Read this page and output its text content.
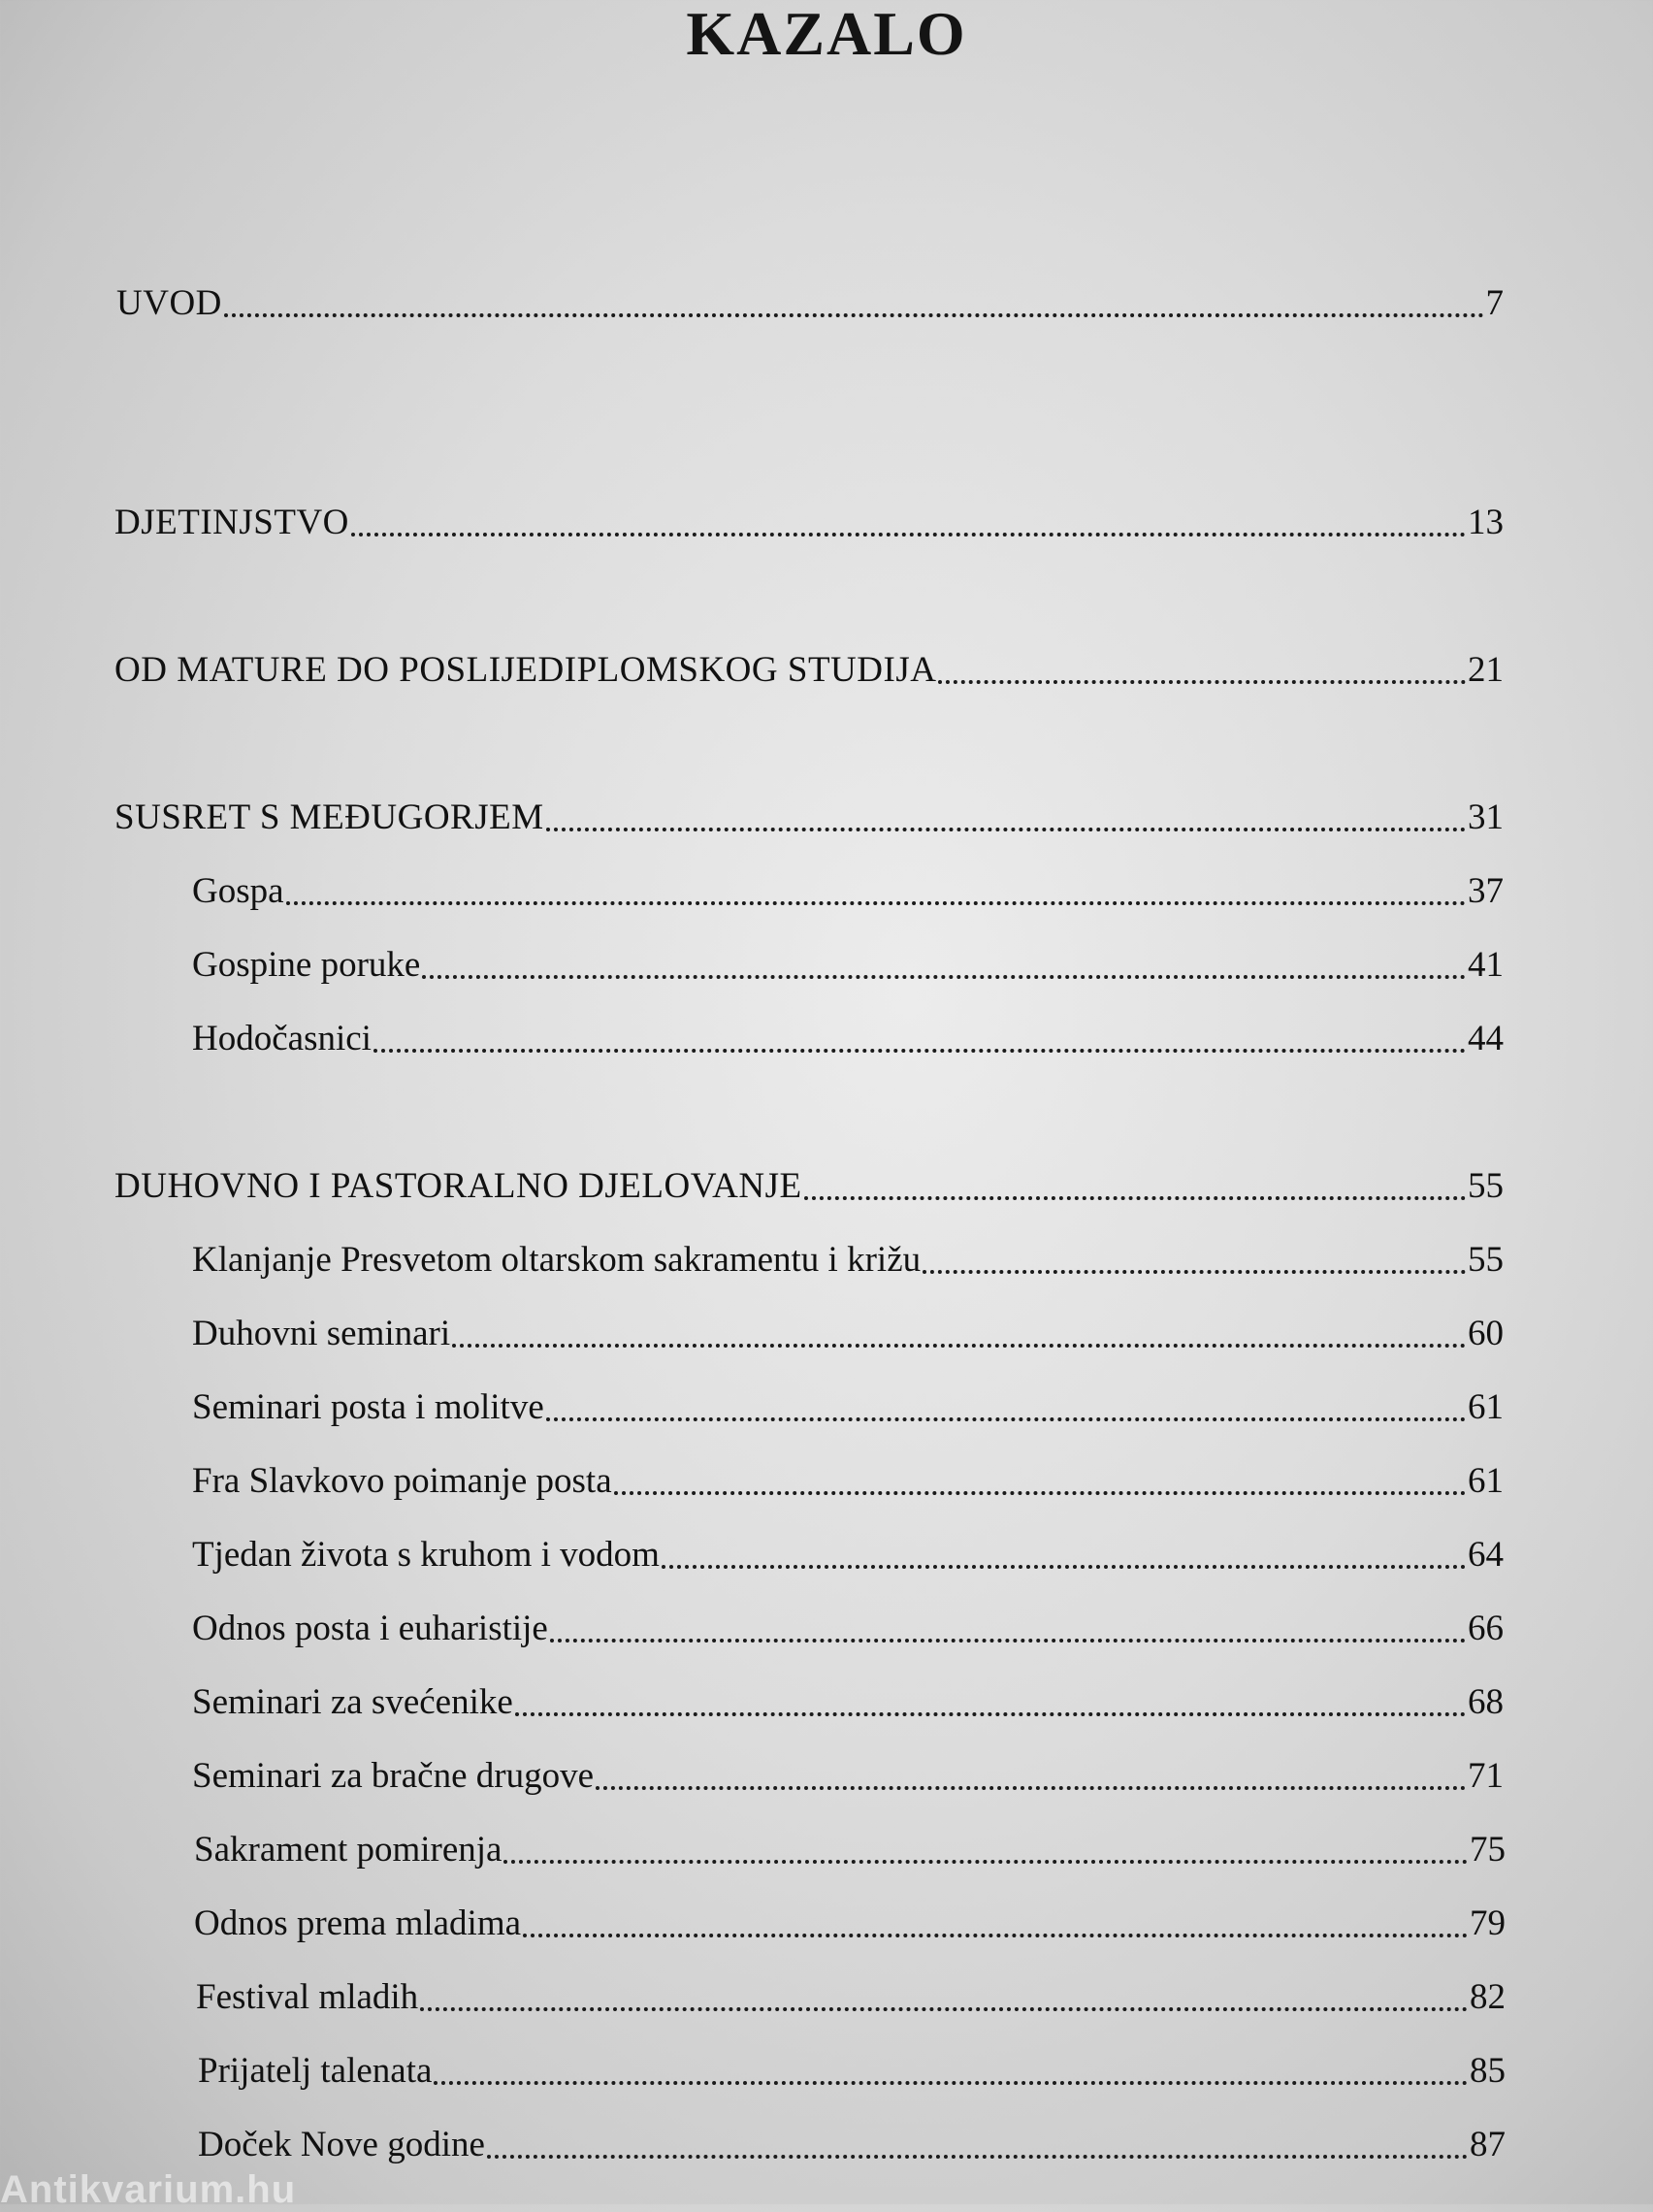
KAZALO
UVOD	7
DJETINJSTVO	13
OD MATURE DO POSLIJEDIPLOMSKOG STUDIJA	21
SUSRET S MEĐUGORJEM	31
Gospa	37
Gospine poruke	41
Hodočasnici	44
DUHOVNO I PASTORALNO DJELOVANJE	55
Klanjanje Presvetom oltarskom sakramentu i križu	55
Duhovni seminari	60
Seminari posta i molitve	61
Fra Slavkovo poimanje posta	61
Tjedan života s kruhom i vodom	64
Odnos posta i euharistije	66
Seminari za svećenike	68
Seminari za bračne drugove	71
Sakrament pomirenja	75
Odnos prema mladima	79
Festival mladih	82
Prijatelj talenata	85
Doček Nove godine	87
Antikvarium.hu
